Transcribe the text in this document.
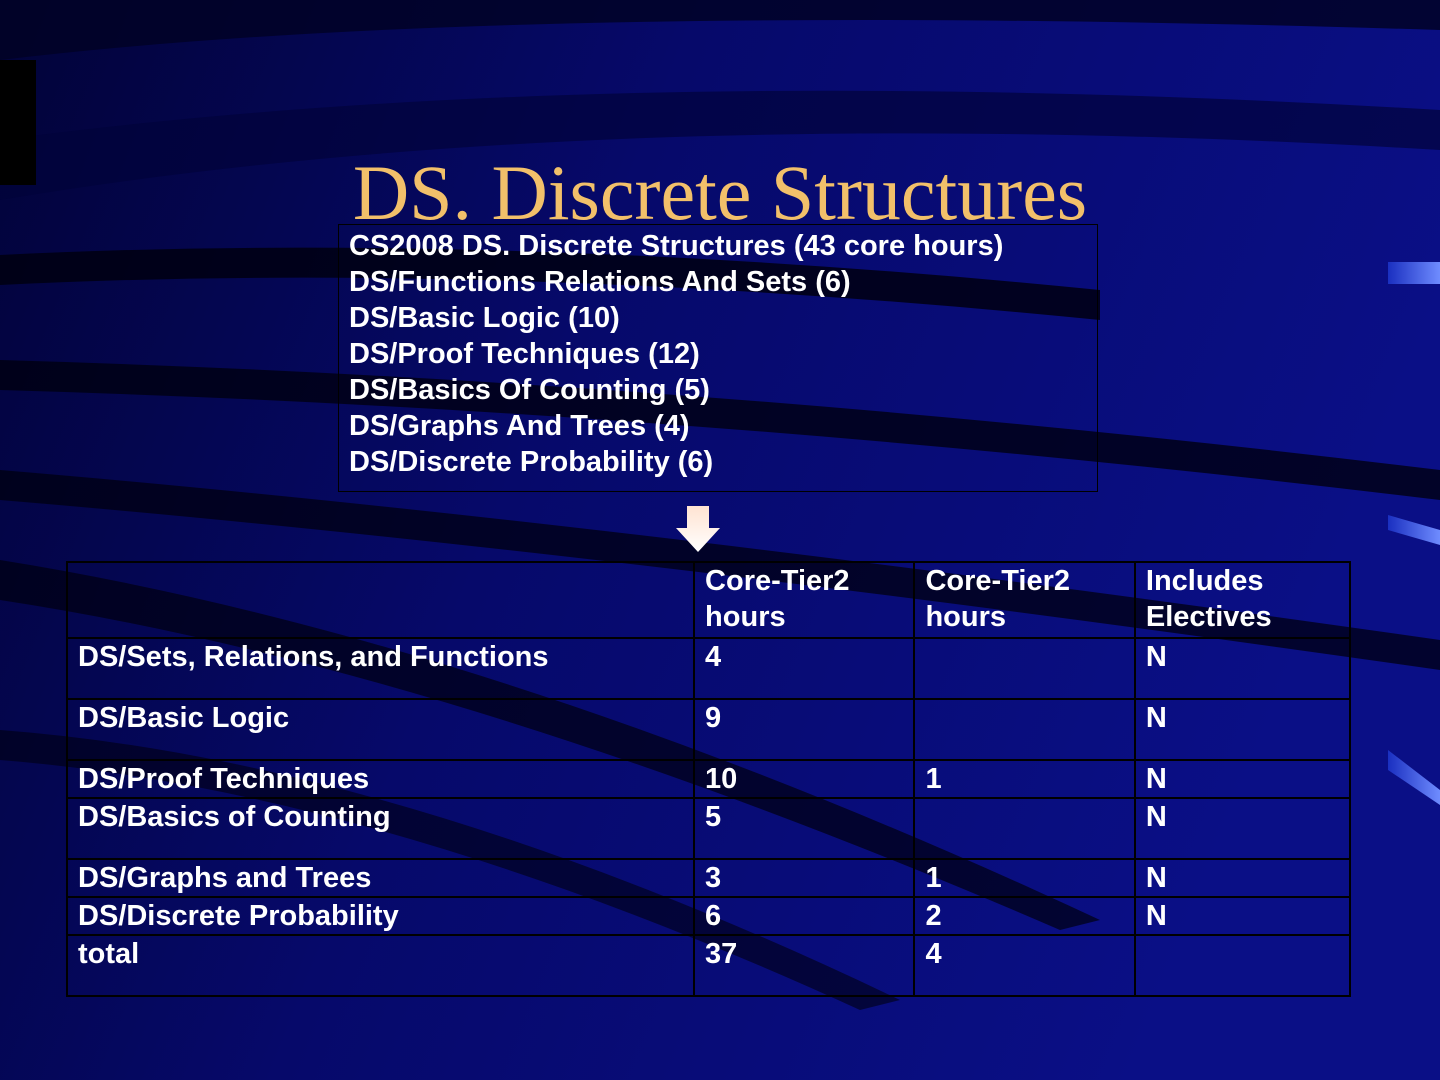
DS. Discrete Structures
CS2008 DS. Discrete Structures (43 core hours)
DS/Functions Relations And Sets (6)
DS/Basic Logic (10)
DS/Proof Techniques (12)
DS/Basics Of Counting (5)
DS/Graphs And Trees (4)
DS/Discrete Probability (6)
	Core-Tier2 hours	Core-Tier2 hours	Includes Electives
DS/Sets, Relations, and Functions	4		N
DS/Basic Logic	9		N
DS/Proof Techniques	10	1	N
DS/Basics of Counting	5		N
DS/Graphs and Trees	3	1	N
DS/Discrete Probability	6	2	N
total	37	4	
